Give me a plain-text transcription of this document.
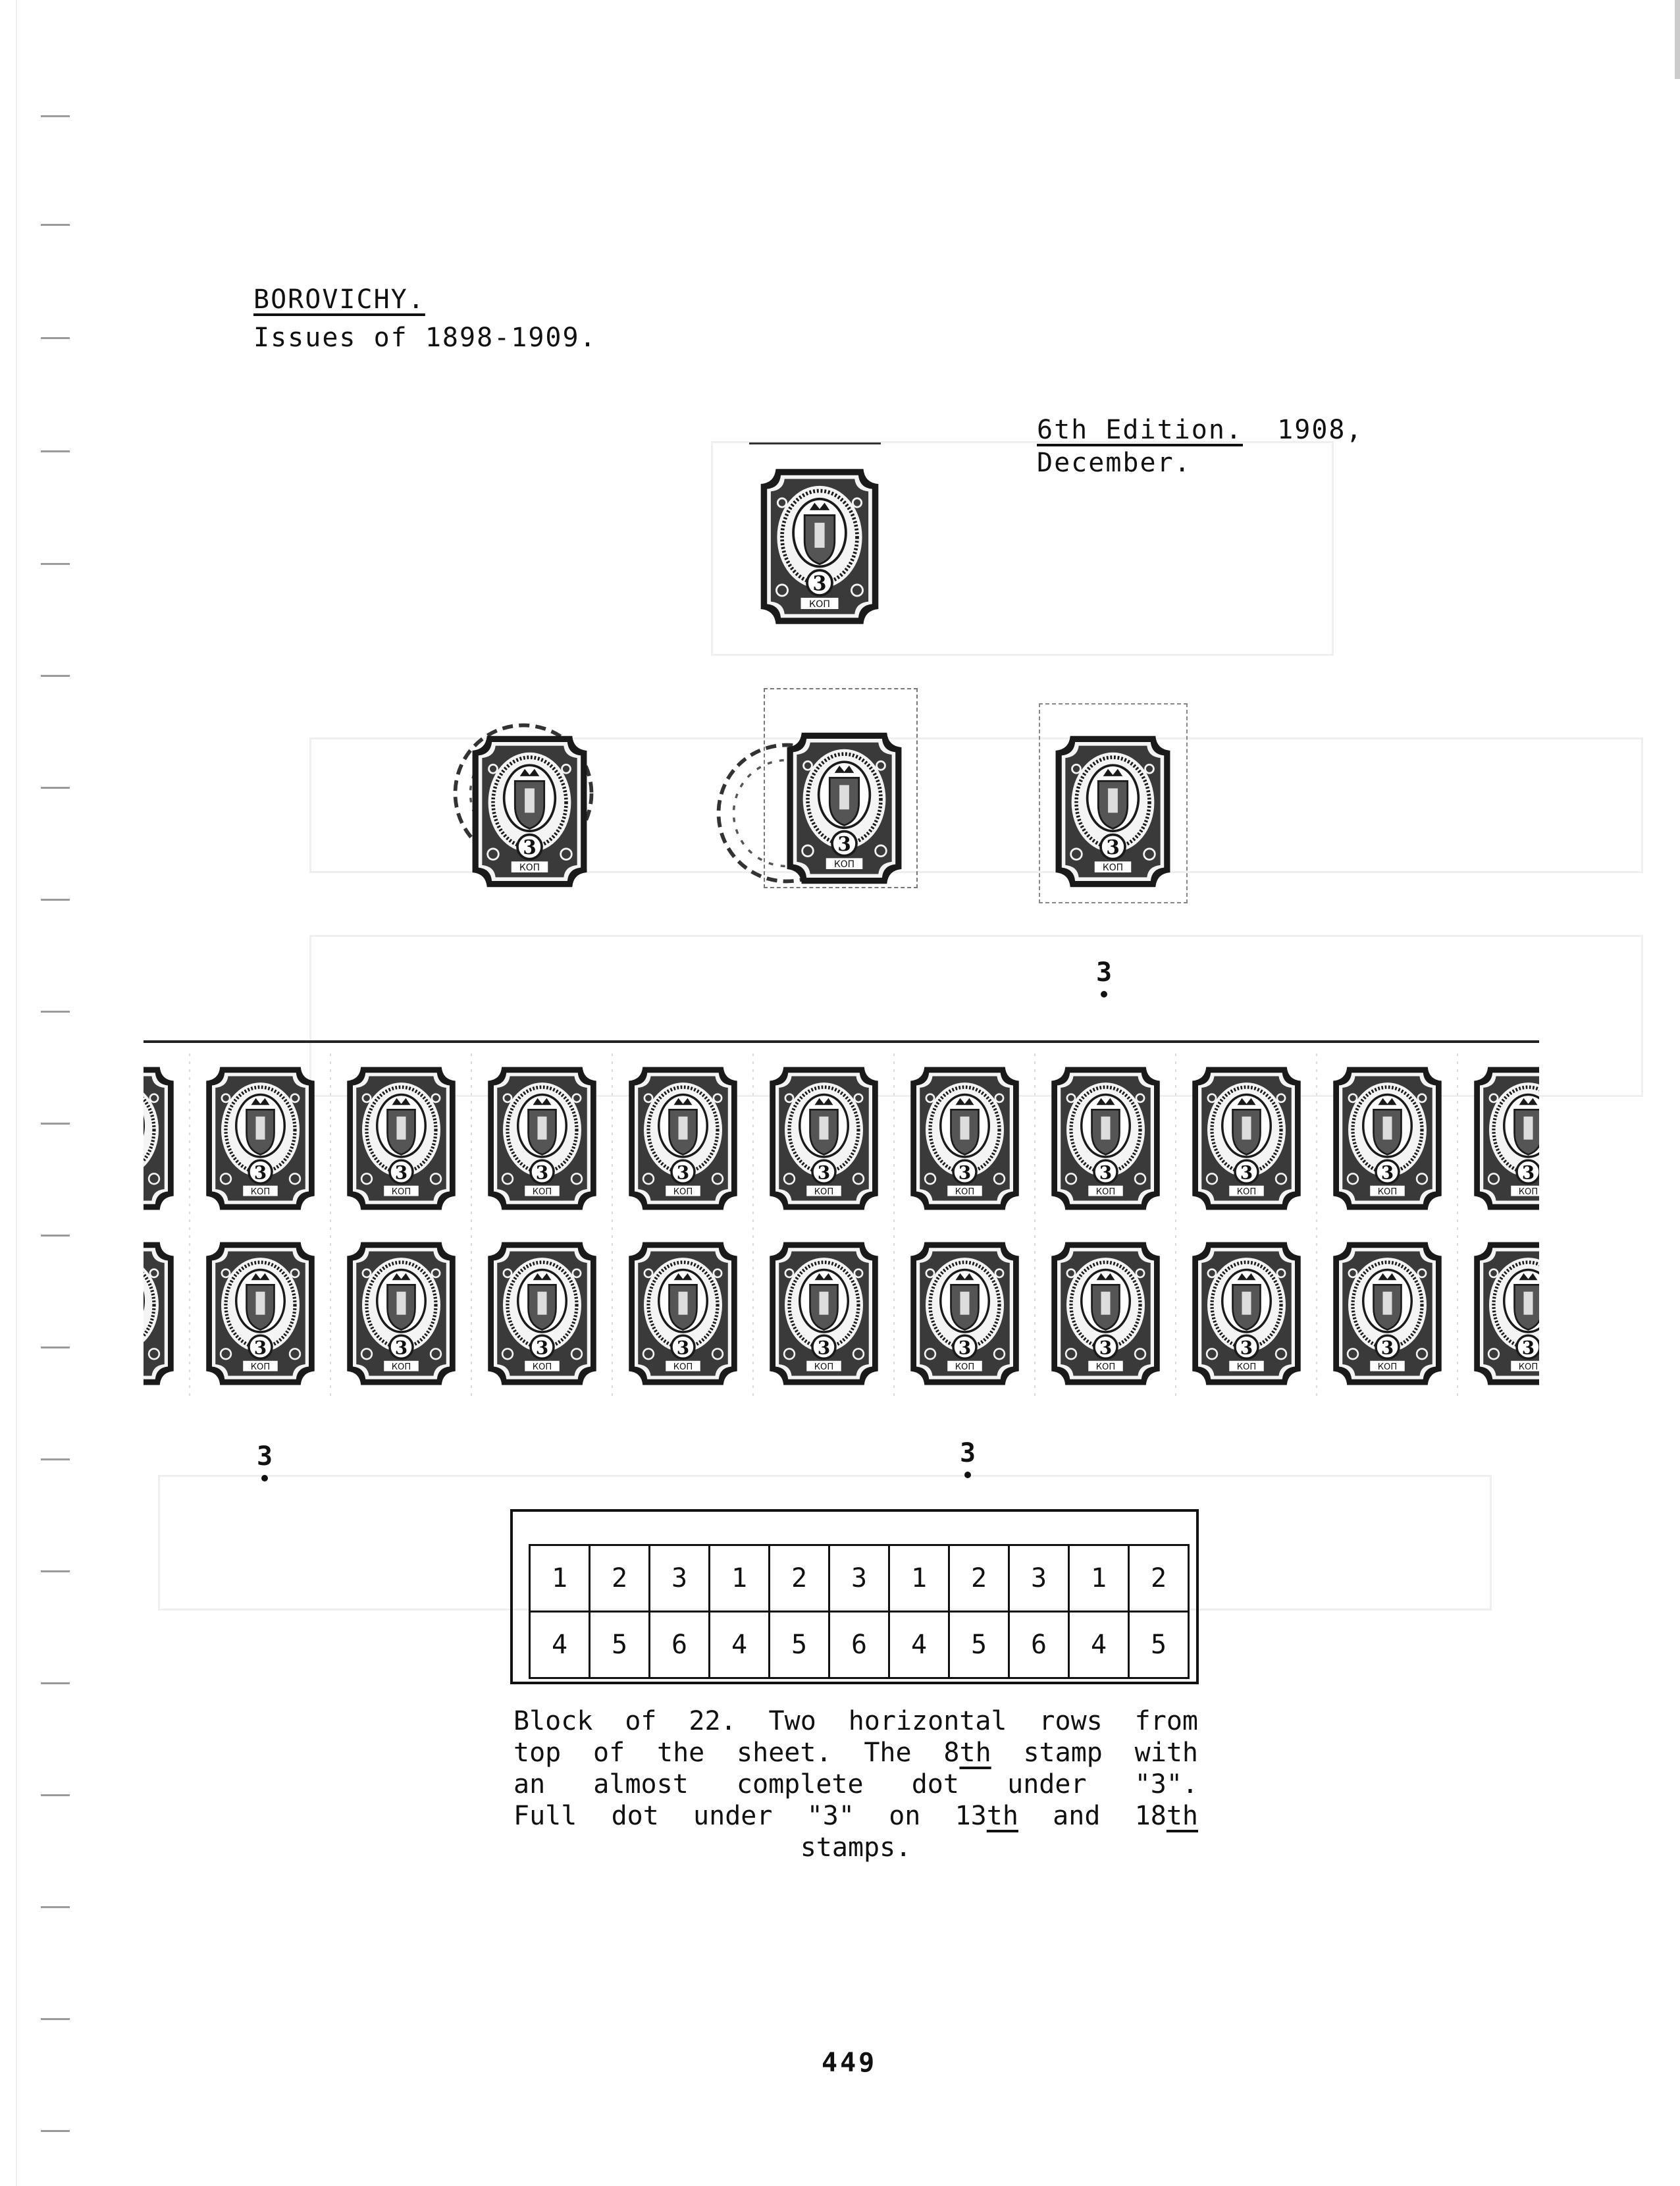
BOROVICHY.
Issues of 1898-1909.
6th Edition. 1908,
December.
3
3	3
1	2	3	1	2	3	1	2	3	1	2
4	5	6	4	5	6	4	5	6	4	5
Block of 22. Two horizontal rows from
top of the sheet. The 8th stamp with
an almost complete dot under "3".
Full dot under "3" on 13th and 18th
stamps.
449
